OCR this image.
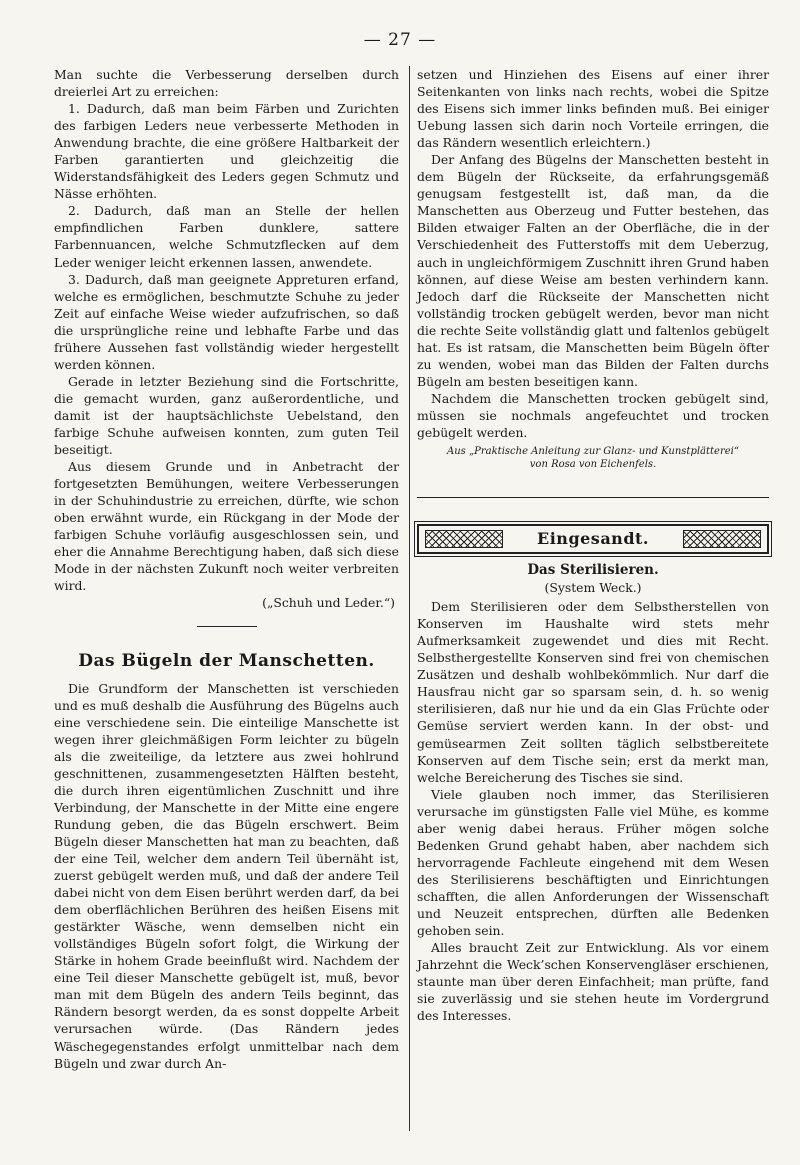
— 27 —

Man suchte die Verbesserung derselben durch dreierlei Art zu erreichen:

1. Dadurch, daß man beim Färben und Zurichten des farbigen Leders neue verbesserte Methoden in Anwendung brachte, die eine größere Haltbarkeit der Farben garantierten und gleichzeitig die Widerstandsfähigkeit des Leders gegen Schmutz und Nässe erhöhten.

2. Dadurch, daß man an Stelle der hellen empfindlichen Farben dunklere, sattere Farbennuancen, welche Schmutzflecken auf dem Leder weniger leicht erkennen lassen, anwendete.

3. Dadurch, daß man geeignete Appreturen erfand, welche es ermöglichen, beschmutzte Schuhe zu jeder Zeit auf einfache Weise wieder aufzufrischen, so daß die ursprüngliche reine und lebhafte Farbe und das frühere Aussehen fast vollständig wieder hergestellt werden können.

Gerade in letzter Beziehung sind die Fortschritte, die gemacht wurden, ganz außerordentliche, und damit ist der hauptsächlichste Uebelstand, den farbige Schuhe aufweisen konnten, zum guten Teil beseitigt.

Aus diesem Grunde und in Anbetracht der fortgesetzten Bemühungen, weitere Verbesserungen in der Schuhindustrie zu erreichen, dürfte, wie schon oben erwähnt wurde, ein Rückgang in der Mode der farbigen Schuhe vorläufig ausgeschlossen sein, und eher die Annahme Berechtigung haben, daß sich diese Mode in der nächsten Zukunft noch weiter verbreiten wird.

(„Schuh und Leder.“)

Das Bügeln der Manschetten.

Die Grundform der Manschetten ist verschieden und es muß deshalb die Ausführung des Bügelns auch eine verschiedene sein. Die einteilige Manschette ist wegen ihrer gleichmäßigen Form leichter zu bügeln als die zweiteilige, da letztere aus zwei hohlrund geschnittenen, zusammengesetzten Hälften besteht, die durch ihren eigentümlichen Zuschnitt und ihre Verbindung, der Manschette in der Mitte eine engere Rundung geben, die das Bügeln erschwert. Beim Bügeln dieser Manschetten hat man zu beachten, daß der eine Teil, welcher dem andern Teil übernäht ist, zuerst gebügelt werden muß, und daß der andere Teil dabei nicht von dem Eisen berührt werden darf, da bei dem oberflächlichen Berühren des heißen Eisens mit gestärkter Wäsche, wenn demselben nicht ein vollständiges Bügeln sofort folgt, die Wirkung der Stärke in hohem Grade beeinflußt wird. Nachdem der eine Teil dieser Manschette gebügelt ist, muß, bevor man mit dem Bügeln des andern Teils beginnt, das Rändern besorgt werden, da es sonst doppelte Arbeit verursachen würde. (Das Rändern jedes Wäschegegenstandes erfolgt unmittelbar nach dem Bügeln und zwar durch An-

setzen und Hinziehen des Eisens auf einer ihrer Seitenkanten von links nach rechts, wobei die Spitze des Eisens sich immer links befinden muß. Bei einiger Uebung lassen sich darin noch Vorteile erringen, die das Rändern wesentlich erleichtern.)

Der Anfang des Bügelns der Manschetten besteht in dem Bügeln der Rückseite, da erfahrungsgemäß genugsam festgestellt ist, daß man, da die Manschetten aus Oberzeug und Futter bestehen, das Bilden etwaiger Falten an der Oberfläche, die in der Verschiedenheit des Futterstoffs mit dem Ueberzug, auch in ungleichförmigem Zuschnitt ihren Grund haben können, auf diese Weise am besten verhindern kann. Jedoch darf die Rückseite der Manschetten nicht vollständig trocken gebügelt werden, bevor man nicht die rechte Seite vollständig glatt und faltenlos gebügelt hat. Es ist ratsam, die Manschetten beim Bügeln öfter zu wenden, wobei man das Bilden der Falten durchs Bügeln am besten beseitigen kann.

Nachdem die Manschetten trocken gebügelt sind, müssen sie nochmals angefeuchtet und trocken gebügelt werden.

Aus „Praktische Anleitung zur Glanz- und Kunstplätterei“

von Rosa von Eichenfels.

Eingesandt.

Das Sterilisieren.

(System Weck.)

Dem Sterilisieren oder dem Selbstherstellen von Konserven im Haushalte wird stets mehr Aufmerksamkeit zugewendet und dies mit Recht. Selbsthergestellte Konserven sind frei von chemischen Zusätzen und deshalb wohlbekömmlich. Nur darf die Hausfrau nicht gar so sparsam sein, d. h. so wenig sterilisieren, daß nur hie und da ein Glas Früchte oder Gemüse serviert werden kann. In der obst- und gemüsearmen Zeit sollten täglich selbstbereitete Konserven auf dem Tische sein; erst da merkt man, welche Bereicherung des Tisches sie sind.

Viele glauben noch immer, das Sterilisieren verursache im günstigsten Falle viel Mühe, es komme aber wenig dabei heraus. Früher mögen solche Bedenken Grund gehabt haben, aber nachdem sich hervorragende Fachleute eingehend mit dem Wesen des Sterilisierens beschäftigten und Einrichtungen schafften, die allen Anforderungen der Wissenschaft und Neuzeit entsprechen, dürften alle Bedenken gehoben sein.

Alles braucht Zeit zur Entwicklung. Als vor einem Jahrzehnt die Weck’schen Konservengläser erschienen, staunte man über deren Einfachheit; man prüfte, fand sie zuverlässig und sie stehen heute im Vordergrund des Interesses.
